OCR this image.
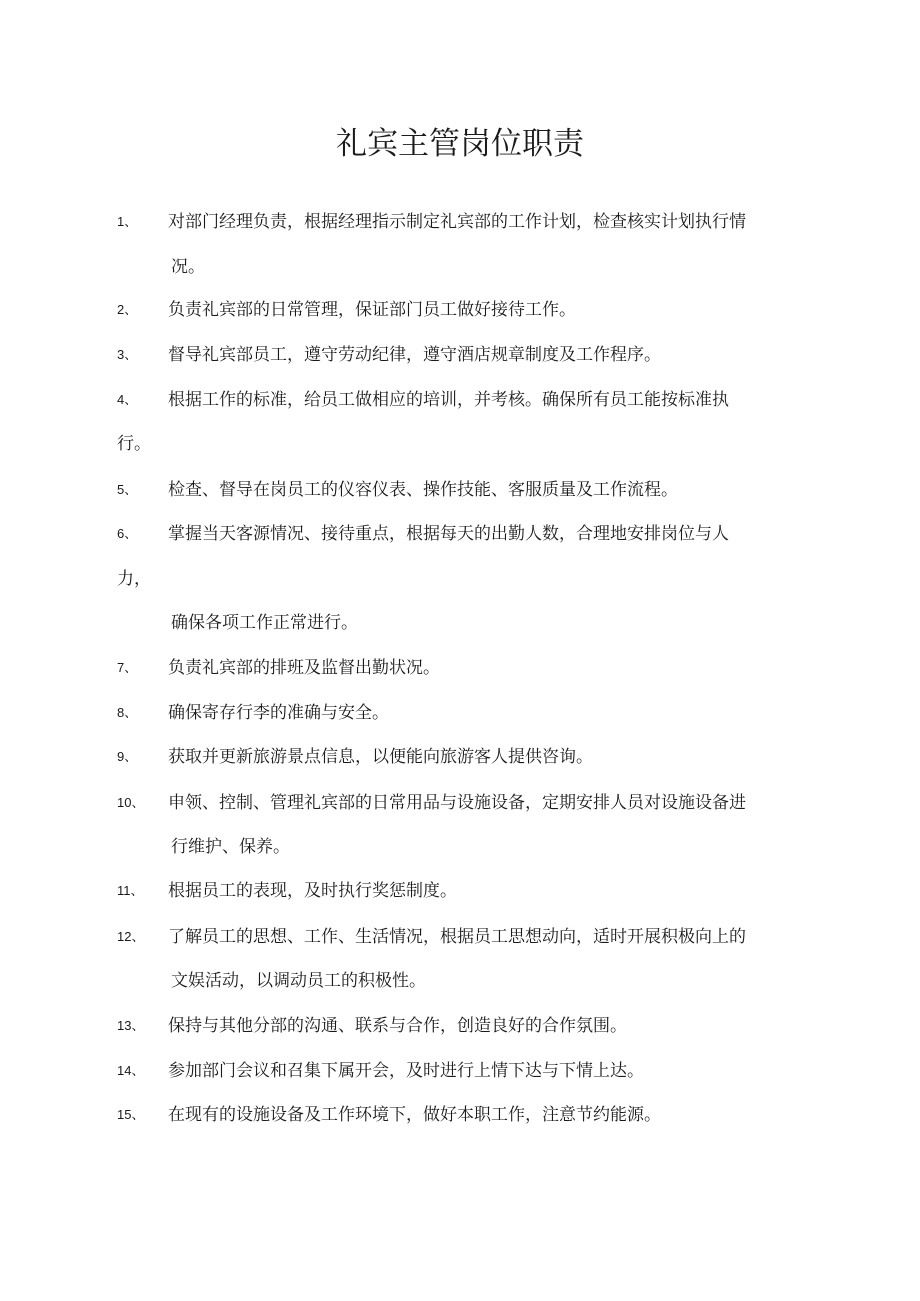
礼宾主管岗位职责
1、 对部门经理负责，根据经理指示制定礼宾部的工作计划，检查核实计划执行情
况。
2、 负责礼宾部的日常管理，保证部门员工做好接待工作。
3、 督导礼宾部员工，遵守劳动纪律，遵守酒店规章制度及工作程序。
4、 根据工作的标准，给员工做相应的培训，并考核。确保所有员工能按标准执
行。
5、 检查、督导在岗员工的仪容仪表、操作技能、客服质量及工作流程。
6、 掌握当天客源情况、接待重点，根据每天的出勤人数，合理地安排岗位与人
力，
确保各项工作正常进行。
7、 负责礼宾部的排班及监督出勤状况。
8、 确保寄存行李的准确与安全。
9、 获取并更新旅游景点信息，以便能向旅游客人提供咨询。
10、 申领、控制、管理礼宾部的日常用品与设施设备，定期安排人员对设施设备进
行维护、保养。
11、 根据员工的表现，及时执行奖惩制度。
12、 了解员工的思想、工作、生活情况，根据员工思想动向，适时开展积极向上的
文娱活动，以调动员工的积极性。
13、 保持与其他分部的沟通、联系与合作，创造良好的合作氛围。
14、 参加部门会议和召集下属开会，及时进行上情下达与下情上达。
15、 在现有的设施设备及工作环境下，做好本职工作，注意节约能源。
